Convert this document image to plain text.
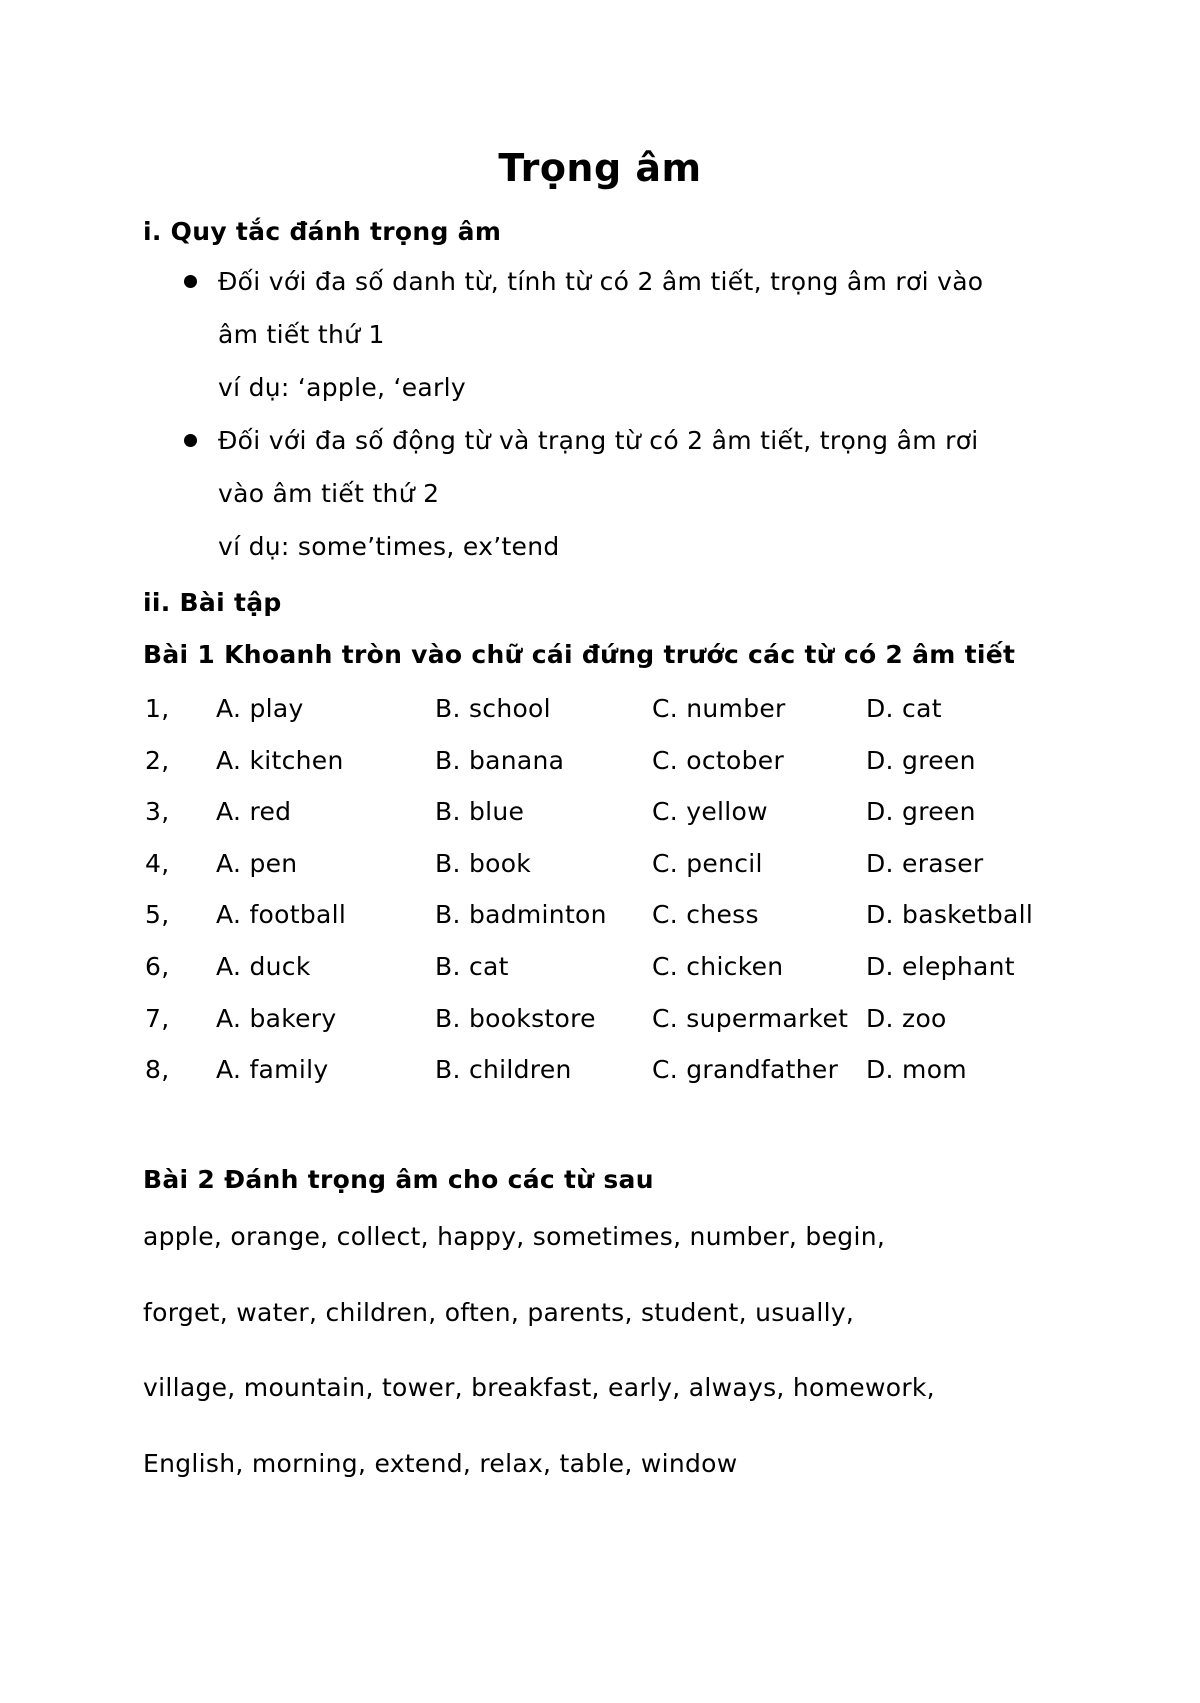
Trọng âm
i. Quy tắc đánh trọng âm
Đối với đa số danh từ, tính từ có 2 âm tiết, trọng âm rơi vào
âm tiết thứ 1
ví dụ: ‘apple, ‘early
Đối với đa số động từ và trạng từ có 2 âm tiết, trọng âm rơi
vào âm tiết thứ 2
ví dụ: some’times, ex’tend
ii. Bài tập
Bài 1 Khoanh tròn vào chữ cái đứng trước các từ có 2 âm tiết
1, A. play	B. school	C. number	D. cat
2, A. kitchen	B. banana	C. october	D. green
3, A. red	B. blue	C. yellow	D. green
4, A. pen	B. book	C. pencil	D. eraser
5, A. football	B. badminton C. chess	D. basketball
6, A. duck	B. cat	C. chicken	D. elephant
7, A. bakery	B. bookstore C. supermarket D. zoo
8, A. family	B. children	C. grandfather D. mom
Bài 2 Đánh trọng âm cho các từ sau
apple, orange, collect, happy, sometimes, number, begin,
forget, water, children, often, parents, student, usually,
village, mountain, tower, breakfast, early, always, homework,
English, morning, extend, relax, table, window
